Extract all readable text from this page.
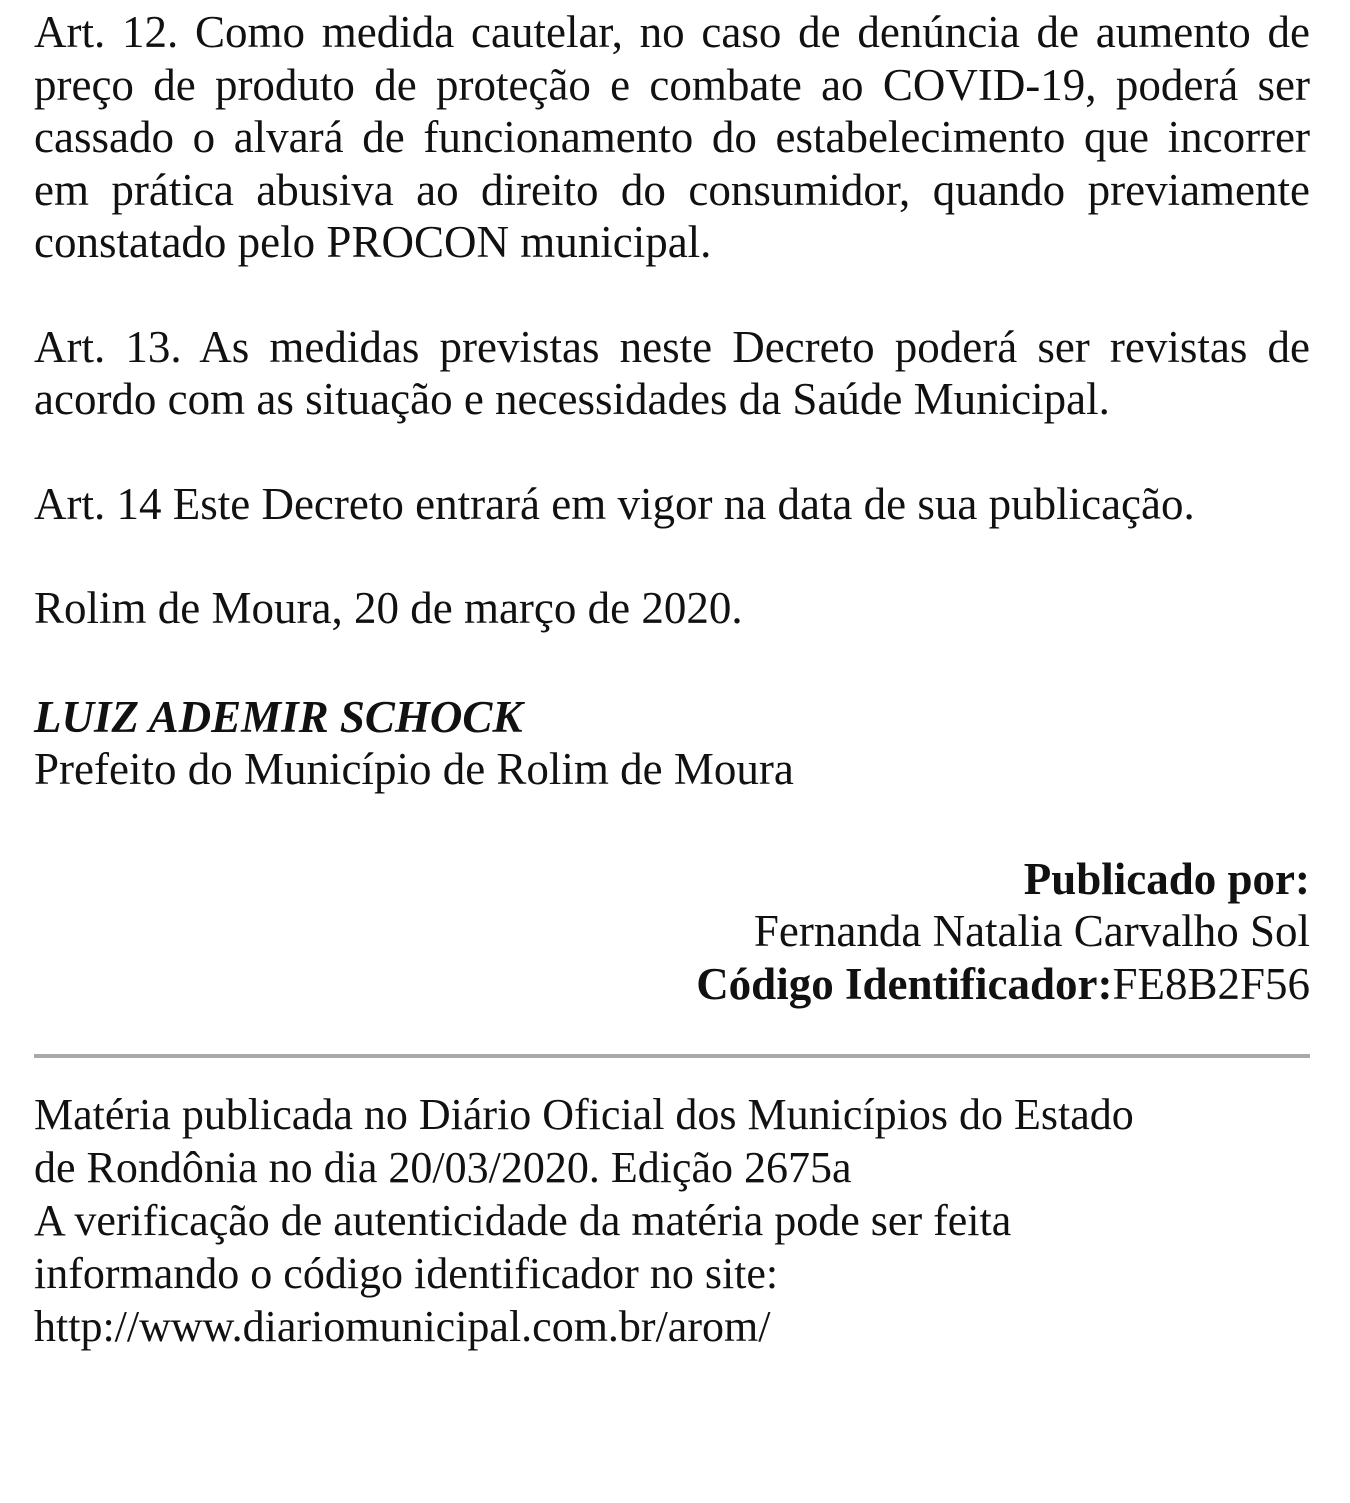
Art. 12. Como medida cautelar, no caso de denúncia de aumento de preço de produto de proteção e combate ao COVID-19, poderá ser cassado o alvará de funcionamento do estabelecimento que incorrer em prática abusiva ao direito do consumidor, quando previamente constatado pelo PROCON municipal.

Art. 13. As medidas previstas neste Decreto poderá ser revistas de acordo com as situação e necessidades da Saúde Municipal.

Art. 14 Este Decreto entrará em vigor na data de sua publicação.

Rolim de Moura, 20 de março de 2020.

LUIZ ADEMIR SCHOCK
Prefeito do Município de Rolim de Moura
Publicado por:
Fernanda Natalia Carvalho Sol
Código Identificador:FE8B2F56
Matéria publicada no Diário Oficial dos Municípios do Estado
de Rondônia no dia 20/03/2020. Edição 2675a
A verificação de autenticidade da matéria pode ser feita
informando o código identificador no site:
http://www.diariomunicipal.com.br/arom/
